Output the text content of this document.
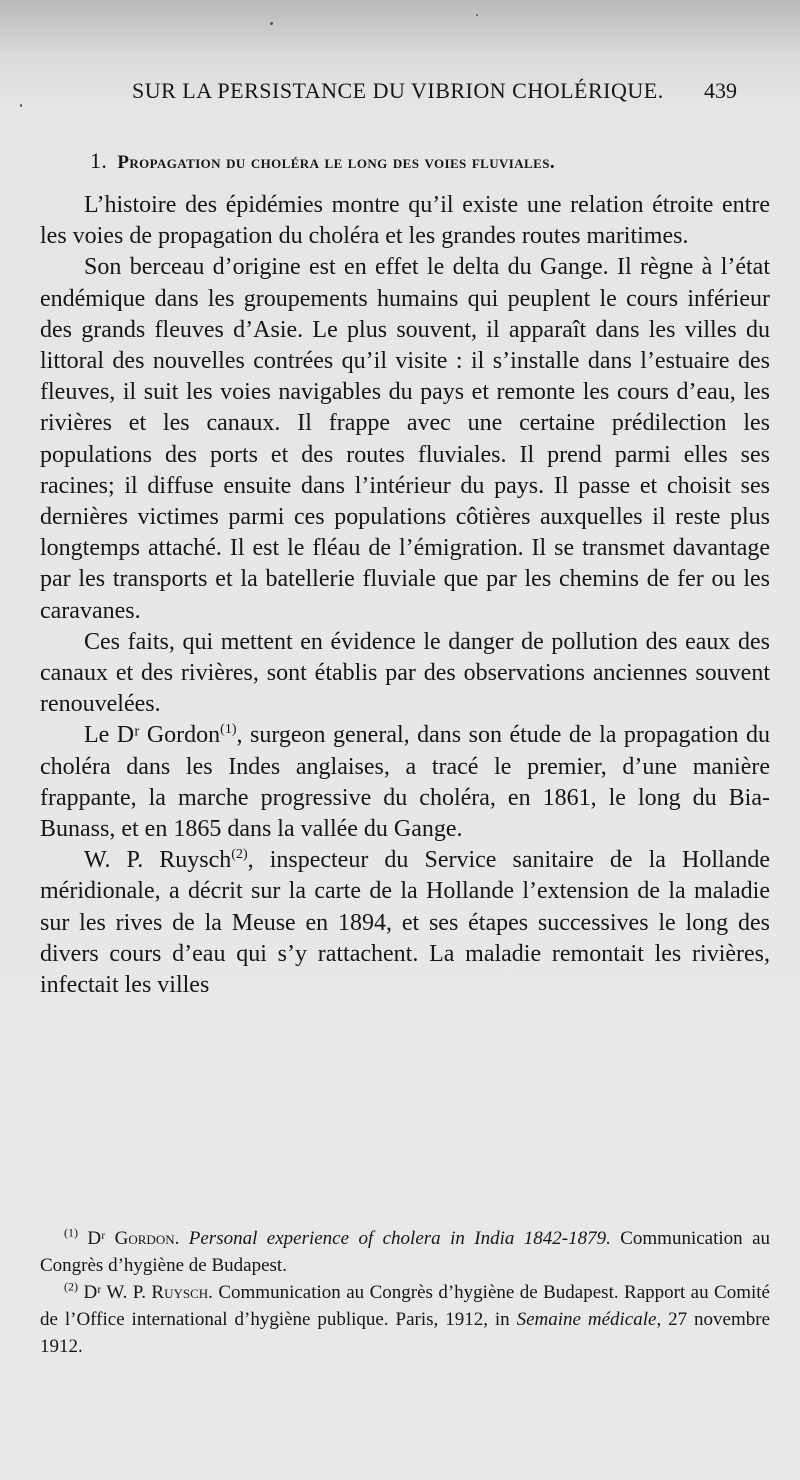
SUR LA PERSISTANCE DU VIBRION CHOLÉRIQUE. 439
1. Propagation du choléra le long des voies fluviales.

L’histoire des épidémies montre qu’il existe une relation étroite entre les voies de propagation du choléra et les grandes routes maritimes.

Son berceau d’origine est en effet le delta du Gange. Il règne à l’état endémique dans les groupements humains qui peuplent le cours inférieur des grands fleuves d’Asie. Le plus souvent, il apparaît dans les villes du littoral des nouvelles contrées qu’il visite : il s’installe dans l’estuaire des fleuves, il suit les voies navigables du pays et remonte les cours d’eau, les rivières et les canaux. Il frappe avec une certaine prédilection les populations des ports et des routes fluviales. Il prend parmi elles ses racines; il diffuse ensuite dans l’intérieur du pays. Il passe et choisit ses dernières victimes parmi ces populations côtières auxquelles il reste plus longtemps attaché. Il est le fléau de l’émigration. Il se transmet davantage par les transports et la batellerie fluviale que par les chemins de fer ou les caravanes.

Ces faits, qui mettent en évidence le danger de pollution des eaux des canaux et des rivières, sont établis par des observations anciennes souvent renouvelées.

Le Dʳ Gordon$^{(1)}$, surgeon general, dans son étude de la propagation du choléra dans les Indes anglaises, a tracé le premier, d’une manière frappante, la marche progressive du choléra, en 1861, le long du Bia-Bunass, et en 1865 dans la vallée du Gange.

W. P. Ruysch$^{(2)}$, inspecteur du Service sanitaire de la Hollande méridionale, a décrit sur la carte de la Hollande l’extension de la maladie sur les rives de la Meuse en 1894, et ses étapes successives le long des divers cours d’eau qui s’y rattachent. La maladie remontait les rivières, infectait les villes

$^{(1)}$ Dʳ Gordon. Personal experience of cholera in India 1842-1879. Communication au Congrès d’hygiène de Budapest.

$^{(2)}$ Dʳ W. P. Ruysch. Communication au Congrès d’hygiène de Budapest. Rapport au Comité de l’Office international d’hygiène publique. Paris, 1912, in Semaine médicale, 27 novembre 1912.
